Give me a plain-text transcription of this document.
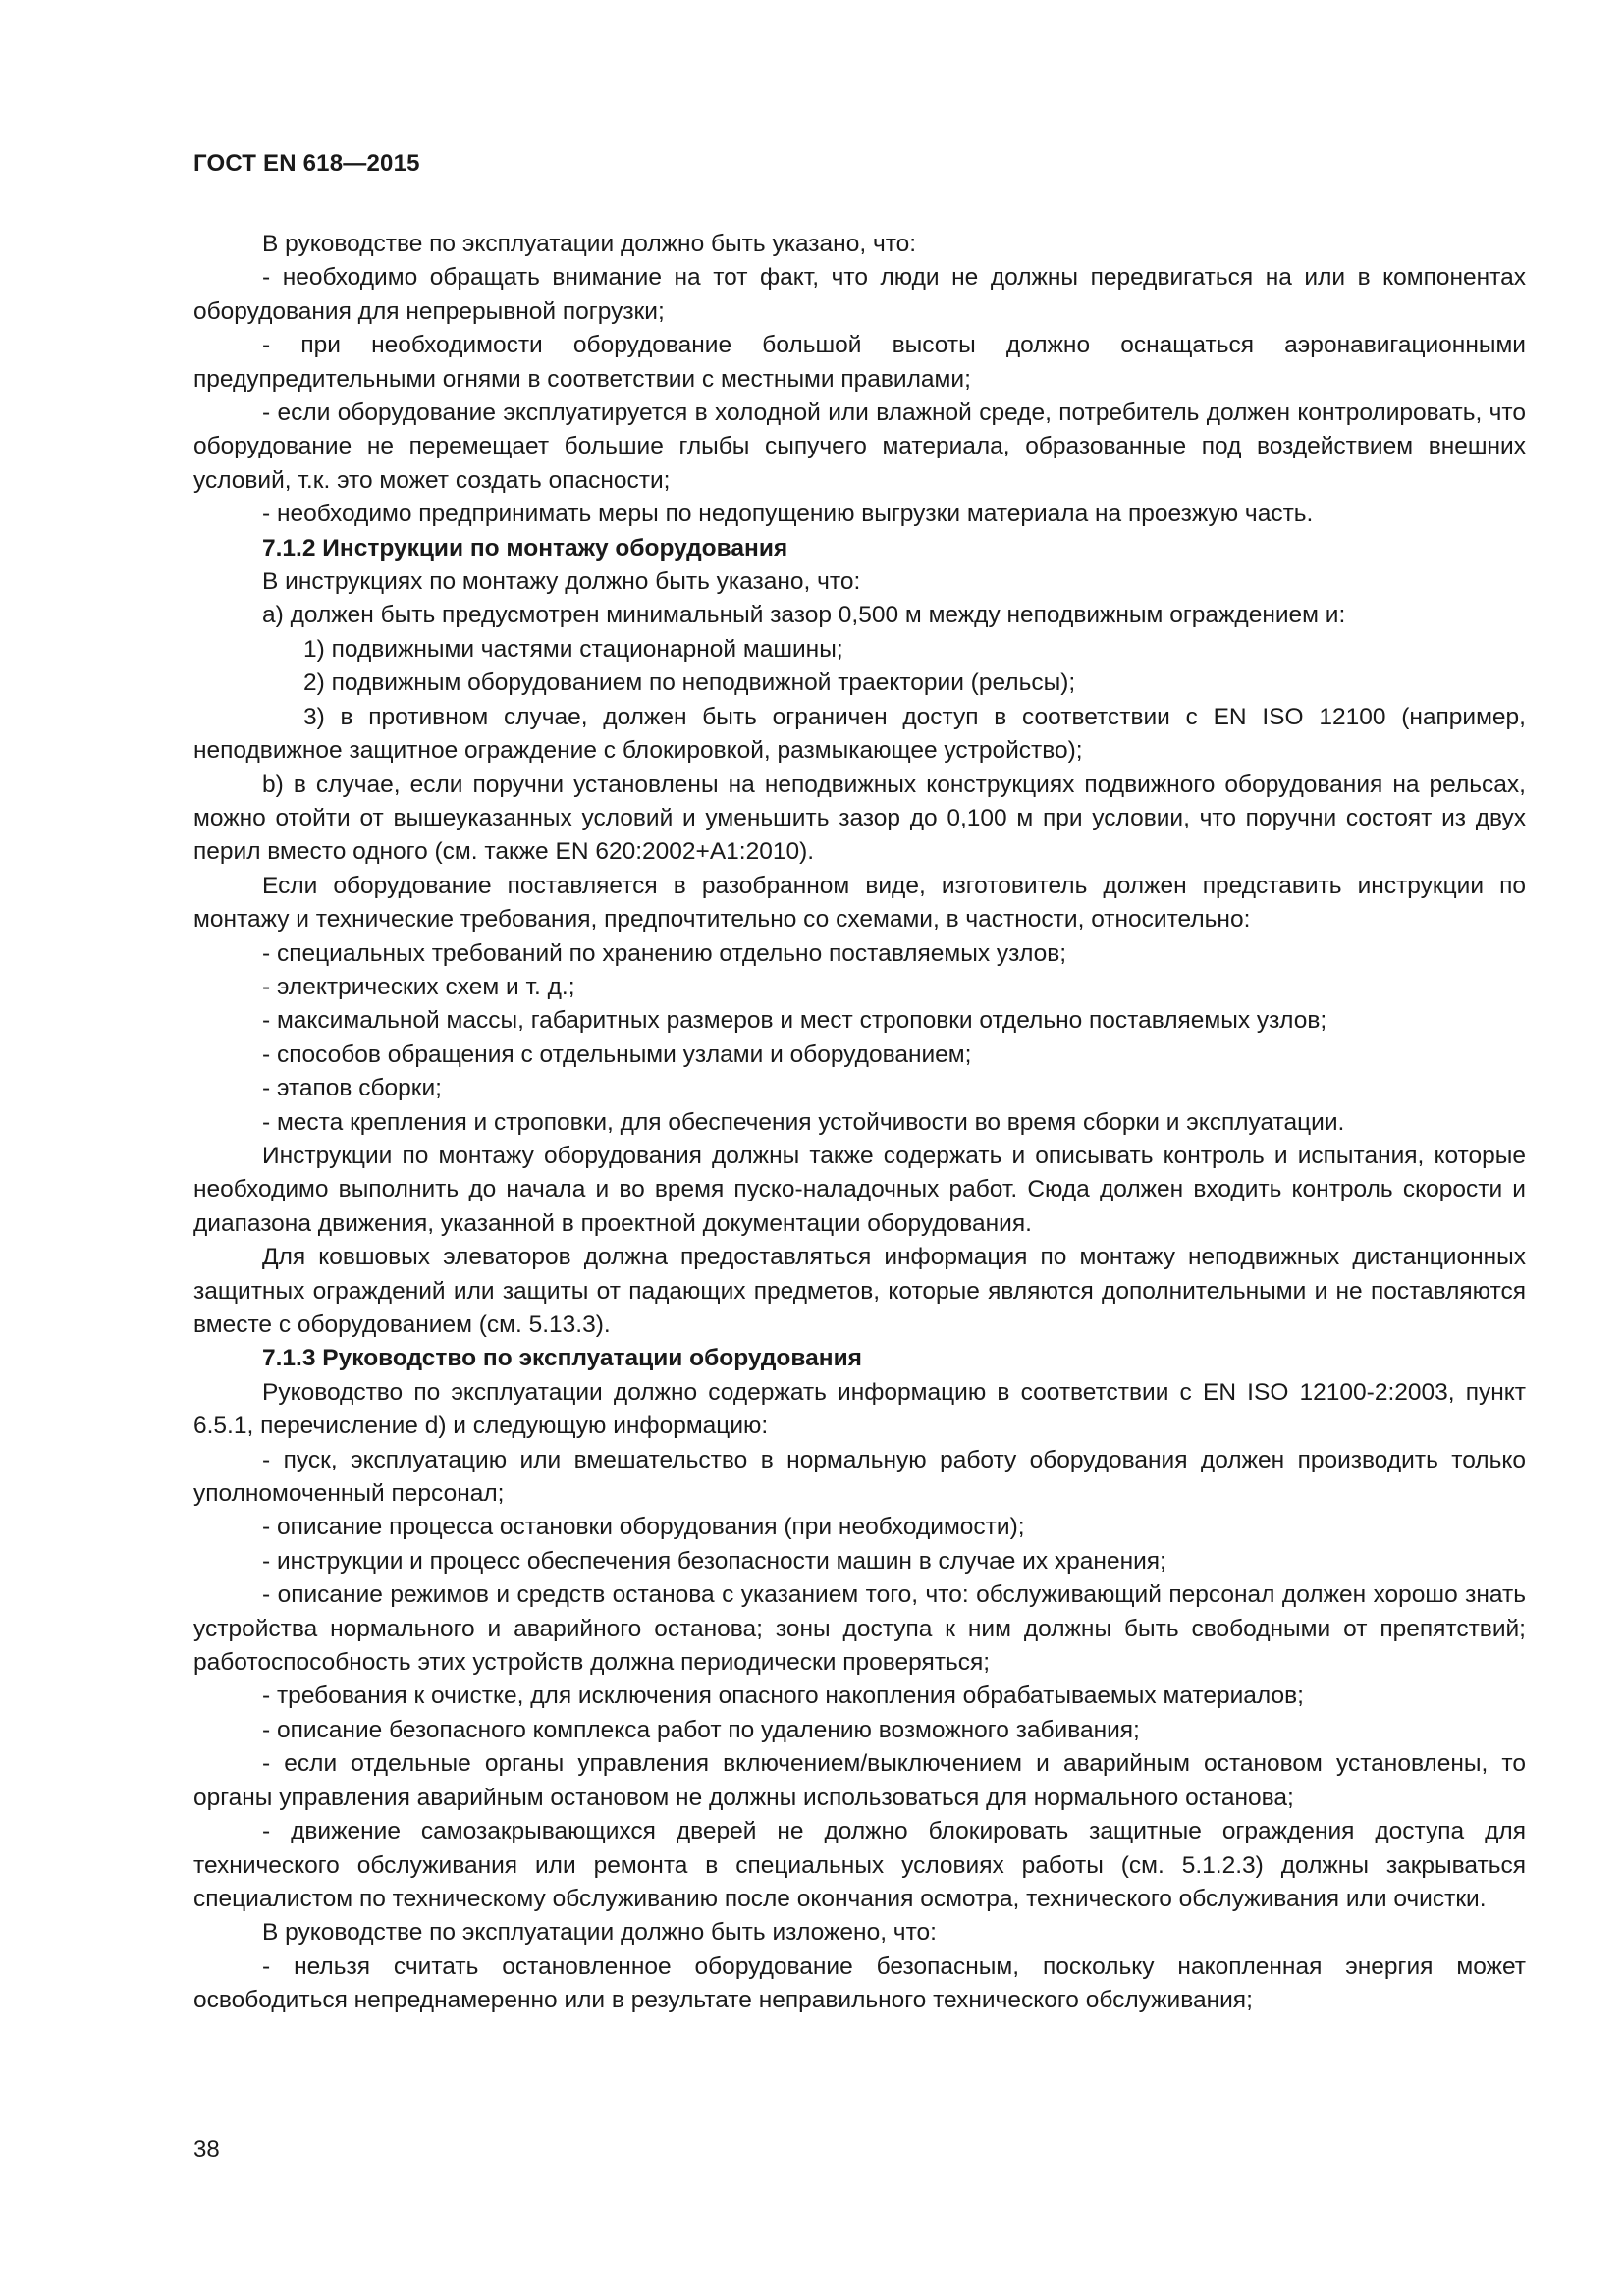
ГОСТ EN 618—2015

В руководстве по эксплуатации должно быть указано, что:

- необходимо обращать внимание на тот факт, что люди не должны передвигаться на или в компонентах оборудования для непрерывной погрузки;

- при необходимости оборудование большой высоты должно оснащаться аэронавигационными предупредительными огнями в соответствии с местными правилами;

- если оборудование эксплуатируется в холодной или влажной среде, потребитель должен контролировать, что оборудование не перемещает большие глыбы сыпучего материала, образованные под воздействием внешних условий, т.к. это может создать опасности;

- необходимо предпринимать меры по недопущению выгрузки материала на проезжую часть.

7.1.2 Инструкции по монтажу оборудования

В инструкциях по монтажу должно быть указано, что:

a) должен быть предусмотрен минимальный зазор 0,500 м между неподвижным ограждением и:

1) подвижными частями стационарной машины;

2) подвижным оборудованием по неподвижной траектории (рельсы);

3) в противном случае, должен быть ограничен доступ в соответствии с EN ISO 12100 (например, неподвижное защитное ограждение с блокировкой, размыкающее устройство);

b) в случае, если поручни установлены на неподвижных конструкциях подвижного оборудования на рельсах, можно отойти от вышеуказанных условий и уменьшить зазор до 0,100 м при условии, что поручни состоят из двух перил вместо одного (см. также EN 620:2002+A1:2010).

Если оборудование поставляется в разобранном виде, изготовитель должен представить инструкции по монтажу и технические требования, предпочтительно со схемами, в частности, относительно:

- специальных требований по хранению отдельно поставляемых узлов;

- электрических схем и т. д.;

- максимальной массы, габаритных размеров и мест строповки отдельно поставляемых узлов;

- способов обращения с отдельными узлами и оборудованием;

- этапов сборки;

- места крепления и строповки, для обеспечения устойчивости во время сборки и эксплуатации.

Инструкции по монтажу оборудования должны также содержать и описывать контроль и испытания, которые необходимо выполнить до начала и во время пуско-наладочных работ. Сюда должен входить контроль скорости и диапазона движения, указанной в проектной документации оборудования.

Для ковшовых элеваторов должна предоставляться информация по монтажу неподвижных дистанционных защитных ограждений или защиты от падающих предметов, которые являются дополнительными и не поставляются вместе с оборудованием (см. 5.13.3).

7.1.3 Руководство по эксплуатации оборудования

Руководство по эксплуатации должно содержать информацию в соответствии с EN ISO 12100-2:2003, пункт 6.5.1, перечисление d) и следующую информацию:

- пуск, эксплуатацию или вмешательство в нормальную работу оборудования должен производить только уполномоченный персонал;

- описание процесса остановки оборудования (при необходимости);

- инструкции и процесс обеспечения безопасности машин в случае их хранения;

- описание режимов и средств останова с указанием того, что: обслуживающий персонал должен хорошо знать устройства нормального и аварийного останова; зоны доступа к ним должны быть свободными от препятствий; работоспособность этих устройств должна периодически проверяться;

- требования к очистке, для исключения опасного накопления обрабатываемых материалов;

- описание безопасного комплекса работ по удалению возможного забивания;

- если отдельные органы управления включением/выключением и аварийным остановом установлены, то органы управления аварийным остановом не должны использоваться для нормального останова;

- движение самозакрывающихся дверей не должно блокировать защитные ограждения доступа для технического обслуживания или ремонта в специальных условиях работы (см. 5.1.2.3) должны закрываться специалистом по техническому обслуживанию после окончания осмотра, технического обслуживания или очистки.

В руководстве по эксплуатации должно быть изложено, что:

- нельзя считать остановленное оборудование безопасным, поскольку накопленная энергия может освободиться непреднамеренно или в результате неправильного технического обслуживания;

38
